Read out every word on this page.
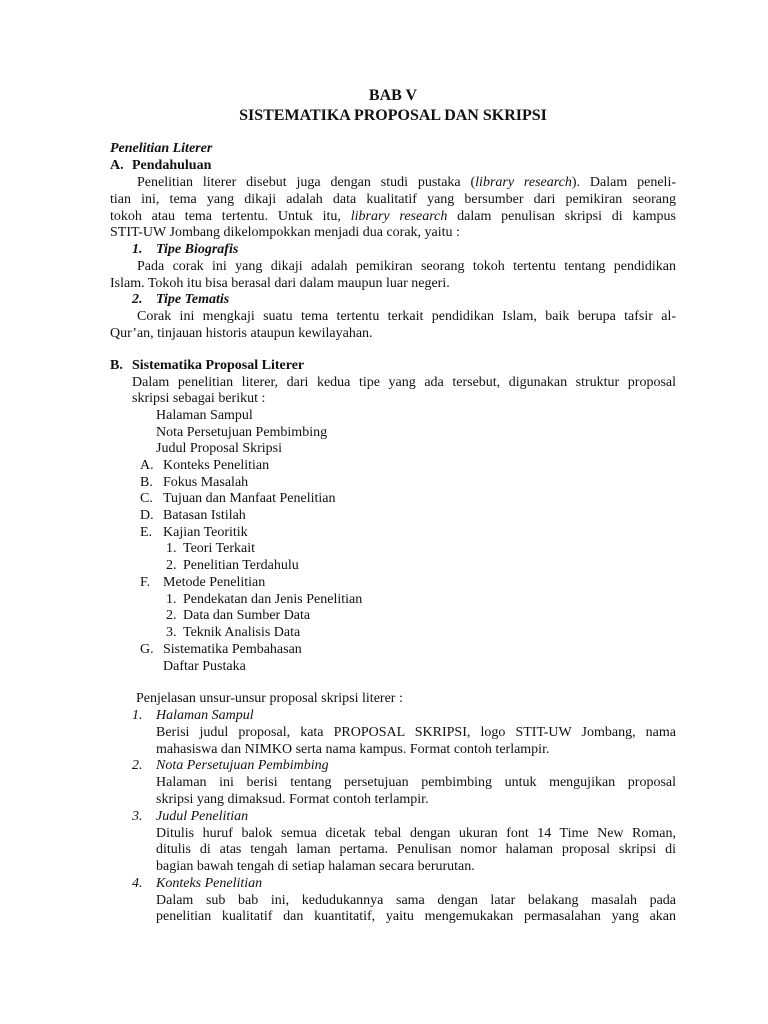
BAB V
SISTEMATIKA PROPOSAL DAN SKRIPSI
Penelitian Literer
A. Pendahuluan
Penelitian literer disebut juga dengan studi pustaka (library research). Dalam peneli-
tian ini, tema yang dikaji adalah data kualitatif yang bersumber dari pemikiran seorang
tokoh atau tema tertentu. Untuk itu, library research dalam penulisan skripsi di kampus
STIT-UW Jombang dikelompokkan menjadi dua corak, yaitu :
1. Tipe Biografis
Pada corak ini yang dikaji adalah pemikiran seorang tokoh tertentu tentang pendidikan
Islam. Tokoh itu bisa berasal dari dalam maupun luar negeri.
2. Tipe Tematis
Corak ini mengkaji suatu tema tertentu terkait pendidikan Islam, baik berupa tafsir al-
Qur’an, tinjauan historis ataupun kewilayahan.
B. Sistematika Proposal Literer
Dalam penelitian literer, dari kedua tipe yang ada tersebut, digunakan struktur proposal
skripsi sebagai berikut :
Halaman Sampul
Nota Persetujuan Pembimbing
Judul Proposal Skripsi
A. Konteks Penelitian
B. Fokus Masalah
C. Tujuan dan Manfaat Penelitian
D. Batasan Istilah
E. Kajian Teoritik
1. Teori Terkait
2. Penelitian Terdahulu
F. Metode Penelitian
1. Pendekatan dan Jenis Penelitian
2. Data dan Sumber Data
3. Teknik Analisis Data
G. Sistematika Pembahasan
Daftar Pustaka
Penjelasan unsur-unsur proposal skripsi literer :
1. Halaman Sampul
Berisi judul proposal, kata PROPOSAL SKRIPSI, logo STIT-UW Jombang, nama
mahasiswa dan NIMKO serta nama kampus. Format contoh terlampir.
2. Nota Persetujuan Pembimbing
Halaman ini berisi tentang persetujuan pembimbing untuk mengujikan proposal
skripsi yang dimaksud. Format contoh terlampir.
3. Judul Penelitian
Ditulis huruf balok semua dicetak tebal dengan ukuran font 14 Time New Roman,
ditulis di atas tengah laman pertama. Penulisan nomor halaman proposal skripsi di
bagian bawah tengah di setiap halaman secara berurutan.
4. Konteks Penelitian
Dalam sub bab ini, kedudukannya sama dengan latar belakang masalah pada
penelitian kualitatif dan kuantitatif, yaitu mengemukakan permasalahan yang akan
